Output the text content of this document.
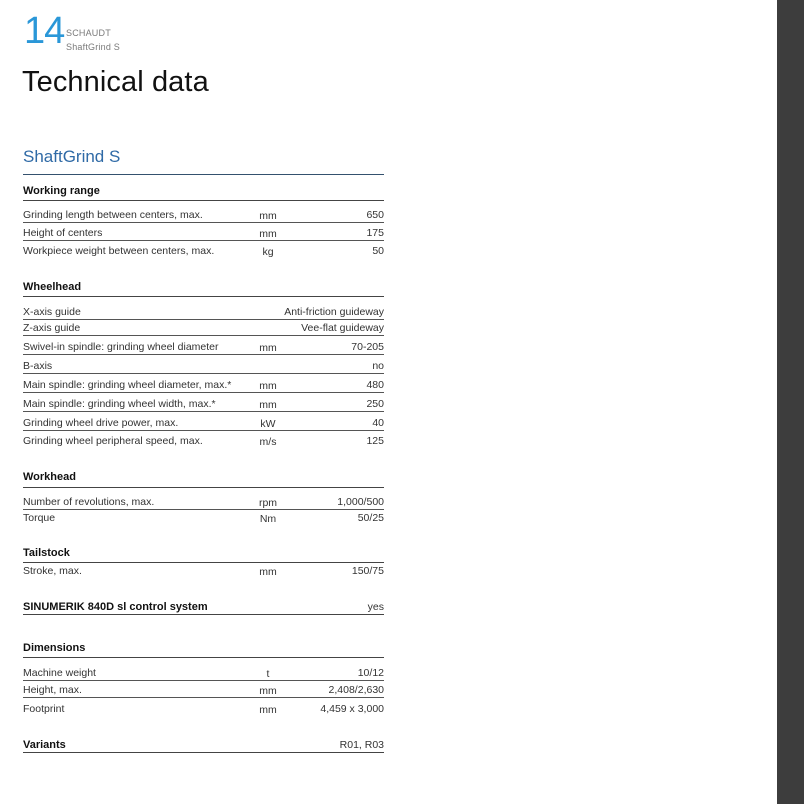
14 SCHAUDT
ShaftGrind S
Technical data
ShaftGrind S
Working range
Grinding length between centers, max.	mm	650
Height of centers	mm	175
Workpiece weight between centers, max.	kg	50
Wheelhead
X-axis guide	Anti-friction guideway
Z-axis guide	Vee-flat guideway
Swivel-in spindle: grinding wheel diameter	mm	70-205
B-axis	no
Main spindle: grinding wheel diameter, max.*	mm	480
Main spindle: grinding wheel width, max.*	mm	250
Grinding wheel drive power, max.	kW	40
Grinding wheel peripheral speed, max.	m/s	125
Workhead
Number of revolutions, max.	rpm	1,000/500
Torque	Nm	50/25
Tailstock
Stroke, max.	mm	150/75
SINUMERIK 840D sl control system	yes
Dimensions
Machine weight	t	10/12
Height, max.	mm	2,408/2,630
Footprint	mm	4,459 x 3,000
Variants	R01, R03
